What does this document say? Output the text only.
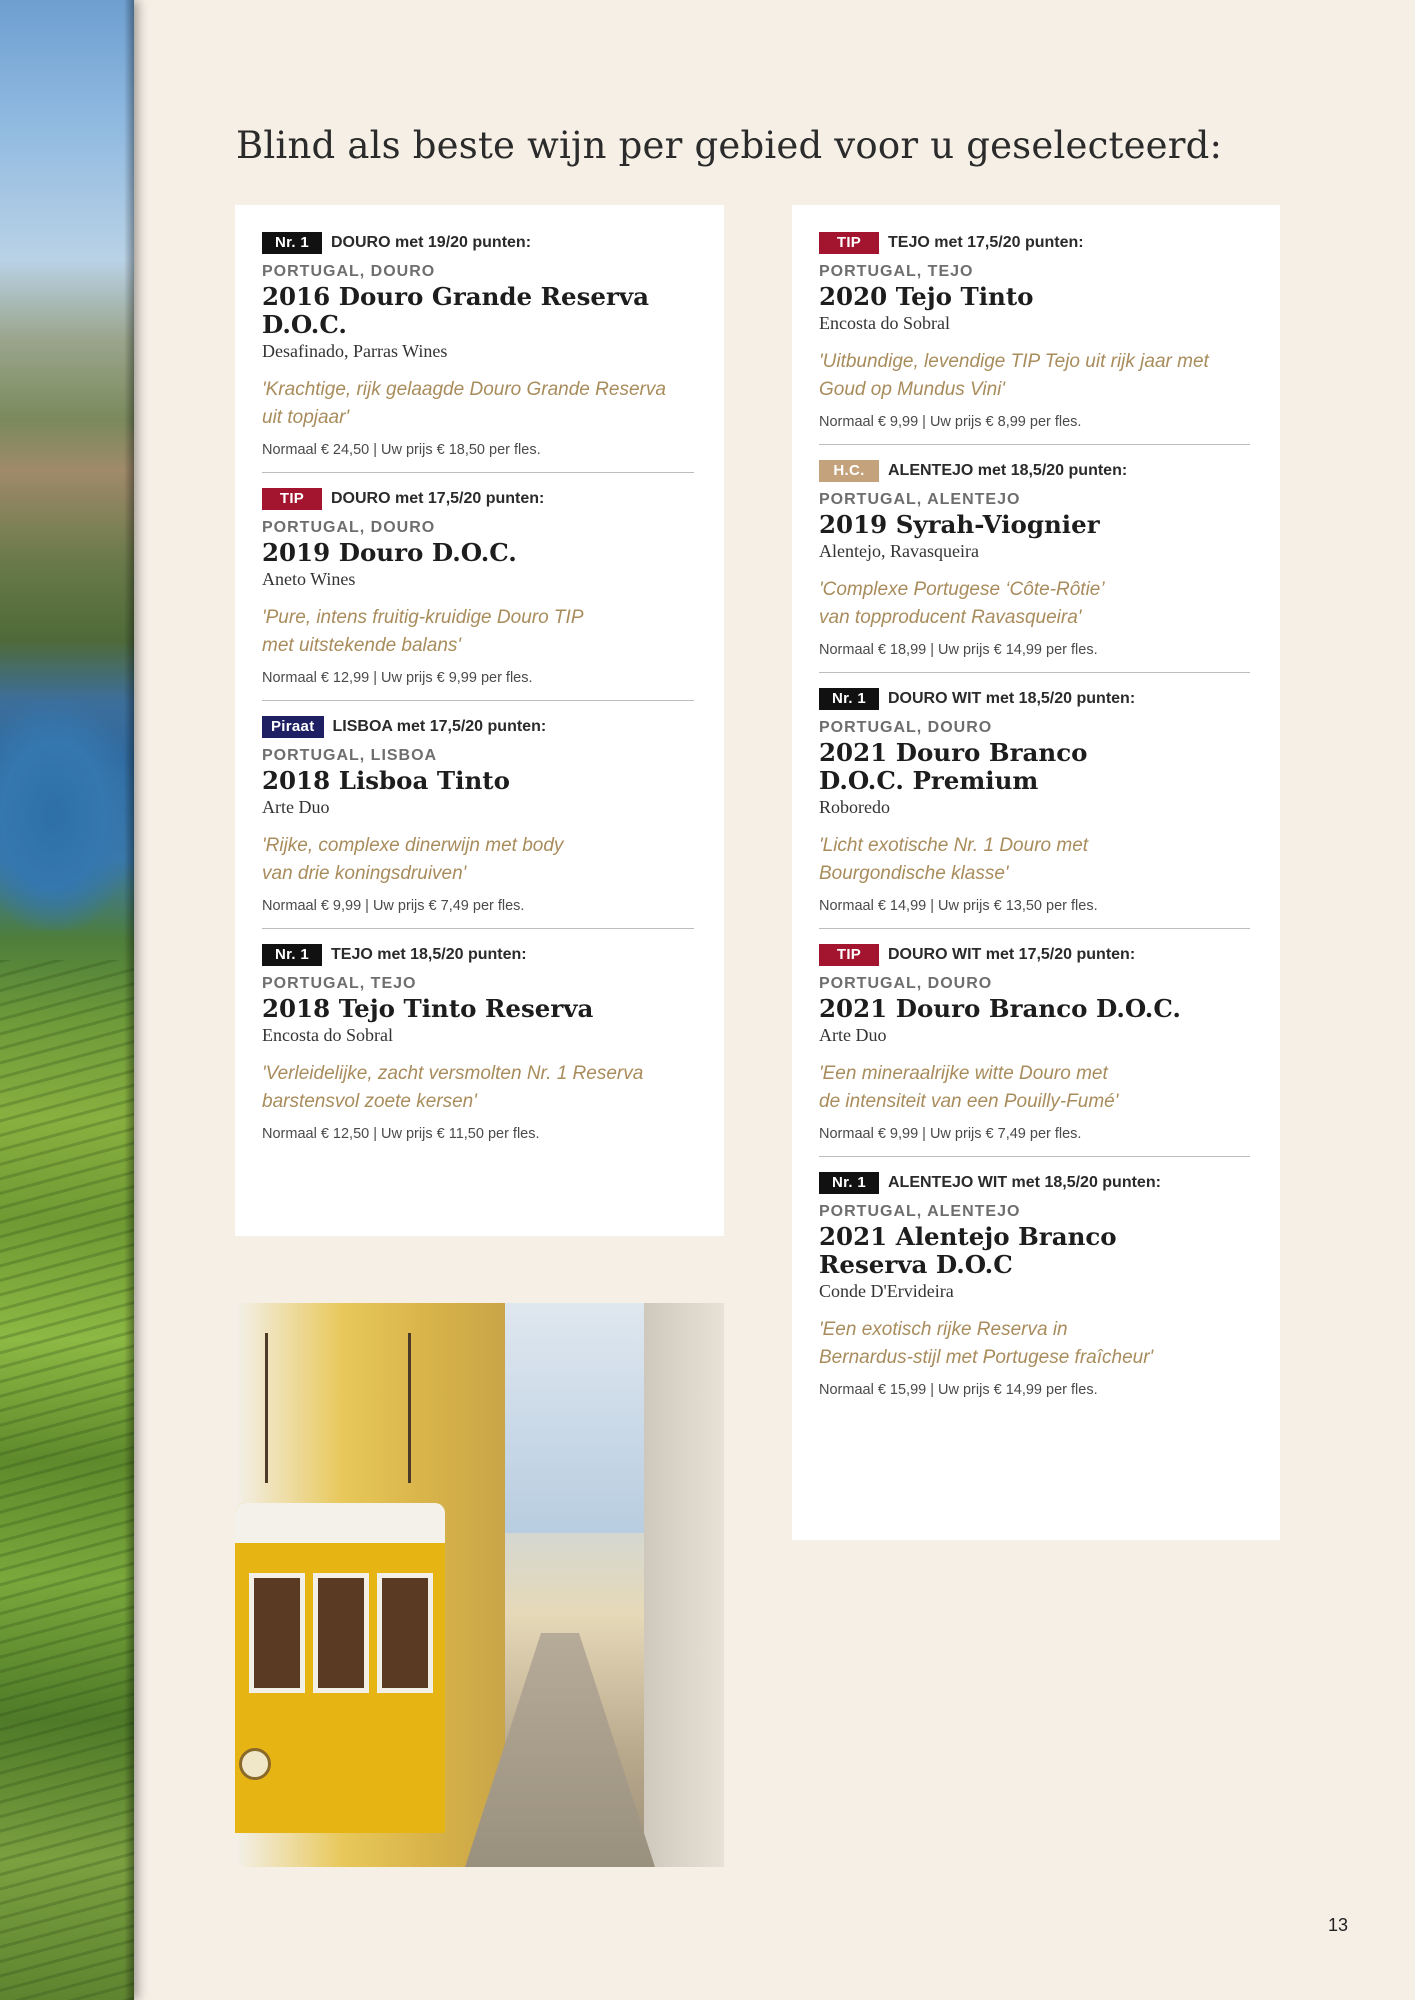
Blind als beste wijn per gebied voor u geselecteerd:
Nr. 1	DOURO met 19/20 punten:
PORTUGAL, DOURO
2016 Douro Grande Reserva D.O.C.
Desafinado, Parras Wines
'Krachtige, rijk gelaagde Douro Grande Reserva
uit topjaar'
Normaal € 24,50 | Uw prijs € 18,50 per fles.
TIP	DOURO met 17,5/20 punten:
PORTUGAL, DOURO
2019 Douro D.O.C.
Aneto Wines
'Pure, intens fruitig-kruidige Douro TIP
met uitstekende balans'
Normaal € 12,99 | Uw prijs € 9,99 per fles.
Piraat	LISBOA met 17,5/20 punten:
PORTUGAL, LISBOA
2018 Lisboa Tinto
Arte Duo
'Rijke, complexe dinerwijn met body
van drie koningsdruiven'
Normaal € 9,99 | Uw prijs € 7,49 per fles.
Nr. 1	TEJO met 18,5/20 punten:
PORTUGAL, TEJO
2018 Tejo Tinto Reserva
Encosta do Sobral
'Verleidelijke, zacht versmolten Nr. 1 Reserva
barstensvol zoete kersen'
Normaal € 12,50 | Uw prijs € 11,50 per fles.
TIP	TEJO met 17,5/20 punten:
PORTUGAL, TEJO
2020 Tejo Tinto
Encosta do Sobral
'Uitbundige, levendige TIP Tejo uit rijk jaar met
Goud op Mundus Vini'
Normaal € 9,99 | Uw prijs € 8,99 per fles.
H.C.	ALENTEJO met 18,5/20 punten:
PORTUGAL, ALENTEJO
2019 Syrah-Viognier
Alentejo, Ravasqueira
'Complexe Portugese ‘Côte-Rôtie’
van topproducent Ravasqueira'
Normaal € 18,99 | Uw prijs € 14,99 per fles.
Nr. 1	DOURO WIT met 18,5/20 punten:
PORTUGAL, DOURO
2021 Douro Branco
D.O.C. Premium
Roboredo
'Licht exotische Nr. 1 Douro met
Bourgondische klasse'
Normaal € 14,99 | Uw prijs € 13,50 per fles.
TIP	DOURO WIT met 17,5/20 punten:
PORTUGAL, DOURO
2021 Douro Branco D.O.C.
Arte Duo
'Een mineraalrijke witte Douro met
de intensiteit van een Pouilly-Fumé'
Normaal € 9,99 | Uw prijs € 7,49 per fles.
Nr. 1	ALENTEJO WIT met 18,5/20 punten:
PORTUGAL, ALENTEJO
2021 Alentejo Branco
Reserva D.O.C
Conde D'Ervideira
'Een exotisch rijke Reserva in
Bernardus-stijl met Portugese fraîcheur'
Normaal € 15,99 | Uw prijs € 14,99 per fles.
13
